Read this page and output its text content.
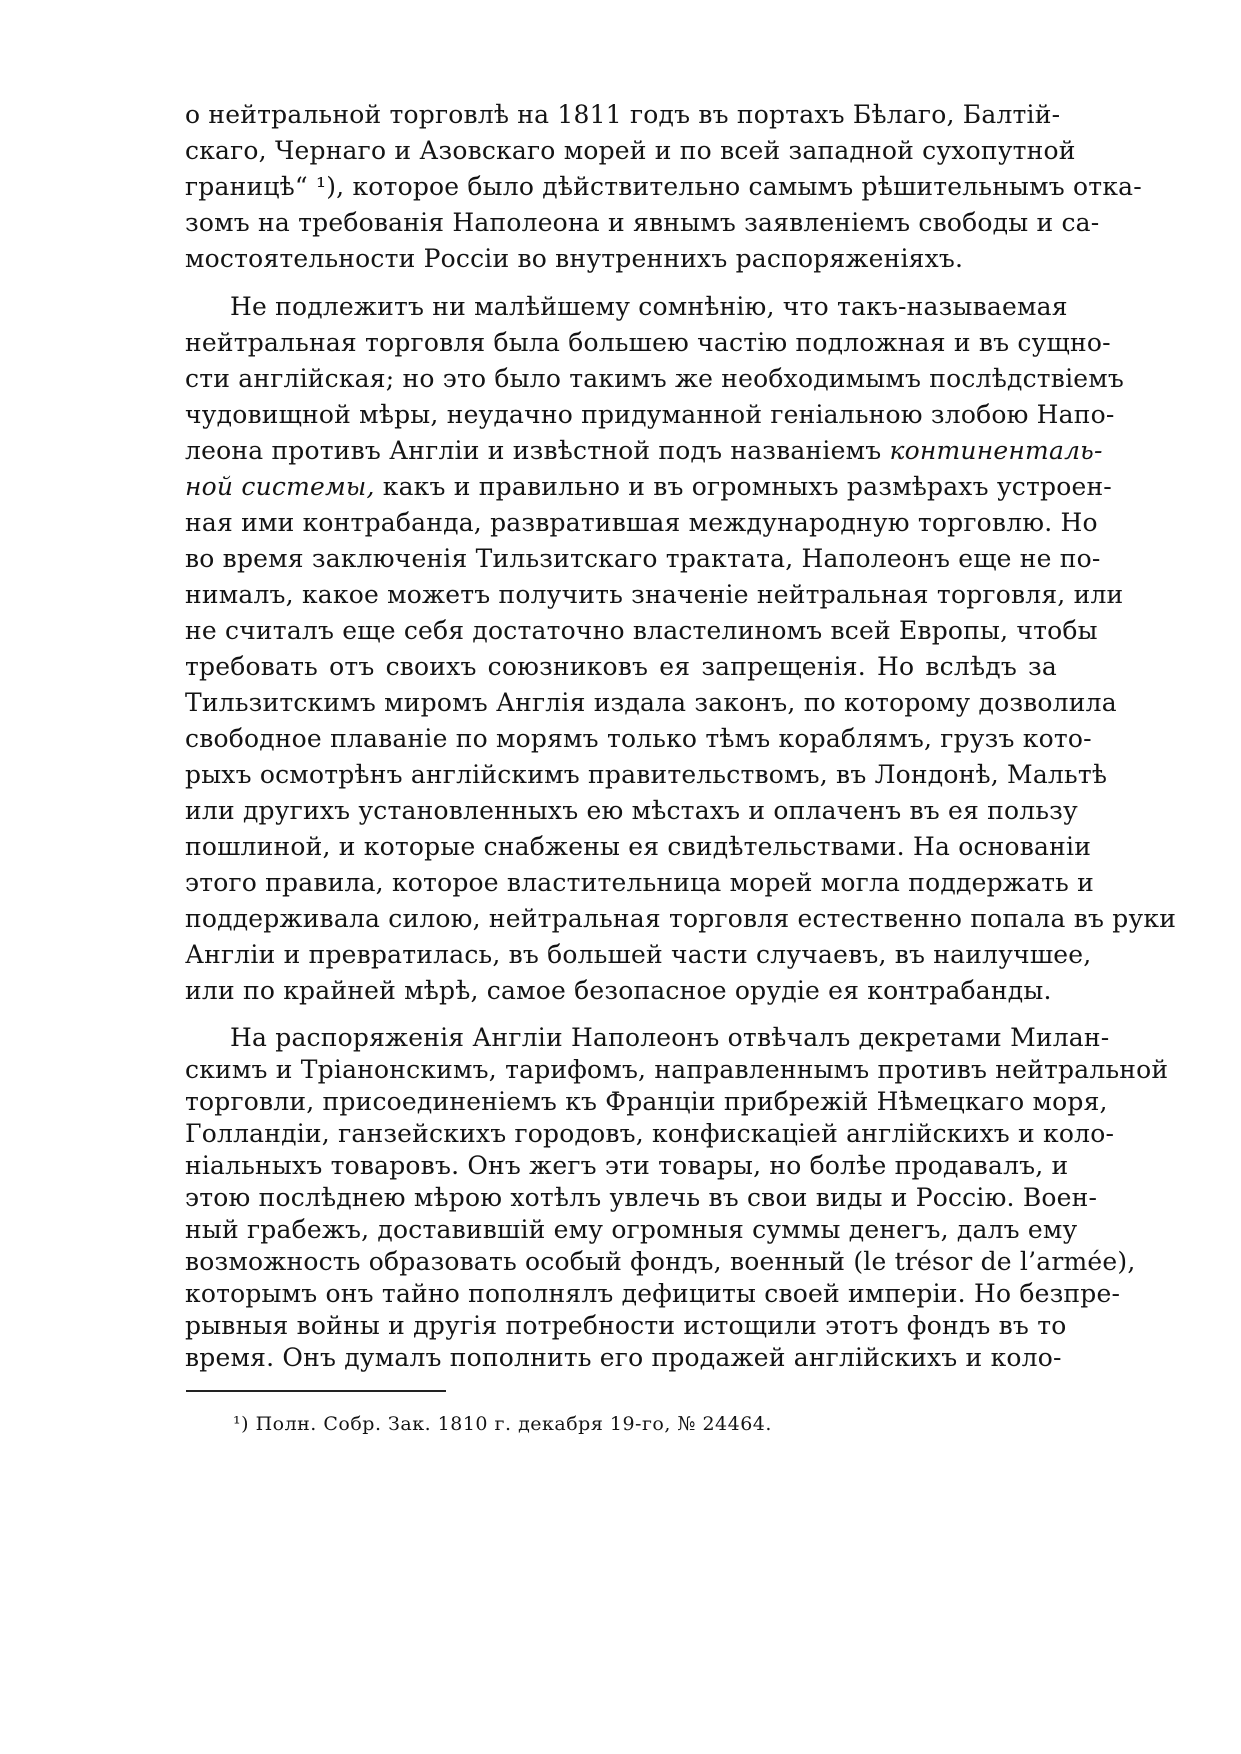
о нейтральной торговлѣ на 1811 годъ въ портахъ Бѣлаго, Балтій-
скаго, Чернаго и Азовскаго морей и по всей западной сухопутной
границѣ“ ¹), которое было дѣйствительно самымъ рѣшительнымъ отка-
зомъ на требованія Наполеона и явнымъ заявленіемъ свободы и са-
мостоятельности Россіи во внутреннихъ распоряженіяхъ.
Не подлежитъ ни малѣйшему сомнѣнію, что такъ-называемая
нейтральная торговля была большею частію подложная и въ сущно-
сти англійская; но это было такимъ же необходимымъ послѣдствіемъ
чудовищной мѣры, неудачно придуманной геніальною злобою Напо-
леона противъ Англіи и извѣстной подъ названіемъ континенталь-
ной системы, какъ и правильно и въ огромныхъ размѣрахъ устроен-
ная ими контрабанда, развратившая международную торговлю. Но
во время заключенія Тильзитскаго трактата, Наполеонъ еще не по-
нималъ, какое можетъ получить значеніе нейтральная торговля, или
не считалъ еще себя достаточно властелиномъ всей Европы, чтобы
требовать отъ своихъ союзниковъ ея запрещенія. Но вслѣдъ за
Тильзитскимъ миромъ Англія издала законъ, по которому дозволила
свободное плаваніе по морямъ только тѣмъ кораблямъ, грузъ кото-
рыхъ осмотрѣнъ англійскимъ правительствомъ, въ Лондонѣ, Мальтѣ
или другихъ установленныхъ ею мѣстахъ и оплаченъ въ ея пользу
пошлиной, и которые снабжены ея свидѣтельствами. На основаніи
этого правила, которое властительница морей могла поддержать и
поддерживала силою, нейтральная торговля естественно попала въ руки
Англіи и превратилась, въ большей части случаевъ, въ наилучшее,
или по крайней мѣрѣ, самое безопасное орудіе ея контрабанды.
На распоряженія Англіи Наполеонъ отвѣчалъ декретами Милан-
скимъ и Тріанонскимъ, тарифомъ, направленнымъ противъ нейтральной
торговли, присоединеніемъ къ Франціи прибрежій Нѣмецкаго моря,
Голландіи, ганзейскихъ городовъ, конфискаціей англійскихъ и коло-
ніальныхъ товаровъ. Онъ жегъ эти товары, но болѣе продавалъ, и
этою послѣднею мѣрою хотѣлъ увлечь въ свои виды и Россію. Воен-
ный грабежъ, доставившій ему огромныя суммы денегъ, далъ ему
возможность образовать особый фондъ, военный (le trésor de l’armée),
которымъ онъ тайно пополнялъ дефициты своей имперіи. Но безпре-
рывныя войны и другія потребности истощили этотъ фондъ въ то
¹) Полн. Собр. Зак. 1810 г. декабря 19-го, № 24464.
время. Онъ думалъ пополнить его продажей англійскихъ и коло-
